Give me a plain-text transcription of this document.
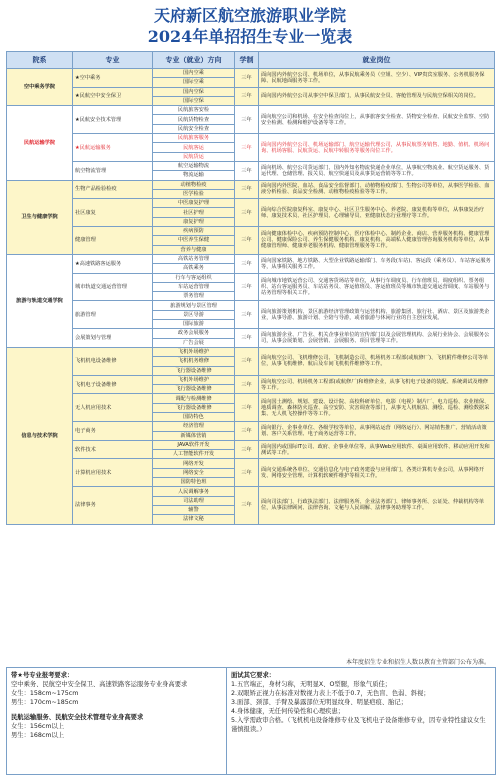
天府新区航空旅游职业学院
2024年单招招生专业一览表
院系	专业	专业（就业）方向	学制	就业岗位
空中乘务学院	★空中乘务	国内空乘	三年	面向国内外航空公司、机场单位，从事民航乘务员（空姐、空少）、VIP贵宾室服务、公务机服务保障、民航地面服务等工作。
		国际空乘		
	★民航空中安全保卫	国内空保	三年	面向国内外航空公司从事空中保卫部门，从事民航安全员、客舱管理及与民航空保相关的岗位。
		国际空保		
民航运输学院	★民航安全技术管理	民航旅客安检	三年	面向航空公司和机场、在安全检查岗位上，从事旅客安全检查、货物安全检查、民航安全监察、空防安全检测、检测和维护设备等等工作。
		民航货物检查		
		民航安全检查		
	★民航运输服务	民航旅客服务	三年	面向国内外航空公司、机场运输部门、航空运输代理公司，从事民航票务销售、地勤、值机、机场问询、机场客服、民航货运、民航中转服务等服务岗位工作。
		民航客运		
		民航货运		
	航空物流管理	航空运输物流	三年	面向机场、航空公司货运部门、国内外知名物流快递企业单位，从事航空物流业、航空货运服务、货运代理、仓储管理、报关员、航空快递员及从事货运营销等等工作。
		物流运输		
卫生与健康学院	生物产品检验检疫	动植物检疫	三年	面向国内外医院、血站、食品安全监督部门、动植物检疫部门、生物公司等单位，从事医学检验、血液分析检验、食品安全检测、动植物检疫检验等等工作。
		医学检验		
	社区康复	中医康复护理	三年	面向综合医院康复科室、康复中心、社区卫生服务中心、养老院、康复机构等单位，从事康复治疗师、康复技术员、社区护理员、心理辅导员、亚健康状态行业理疗等工作。
		社区护理		
		康复护理		
	健康管理	疾病预防	三年	面向健康体检中心、疾病预防控制中心、医疗体检中心、制药企业、商店、营养服务机构、健康管理公司、健康保险公司、养生保健服务机构、康复机构、高端私人健康管理咨询服务机构等单位，从事健康管理师、健康养老服务机构、健康管理服务等工作。
		中医养生保健		
		营养与健康		
旅游与轨道交通学院	★高速铁路客运服务	高铁站务管理	三年	面向国家铁路、地方铁路、大型企业铁路运输部门、车务段(车站)、客运段（乘务员）、车站客运服务等，从事相关服务工作。
		高铁乘务		
	城市轨道交通运营管理	行车与客运组织	三年	面向城市地铁运营公司、交通客货场站等单位，从事行车调度员、行车值班员、调度组织、票务组织、站台客运服务员、车站站务员、客运值班员、客运值班员等城市轨道交通运营调度、车站服务与站务管理等相关工作。
		车站运营管理		
		票务管理		
	旅游管理	旅游规划与景区管理	三年	面向旅游策划机构、景区旅游经济管理政策与运营机构、旅游集团、旅行社、酒店、景区及旅游类企业，从事导游、旅游计划、全陪与导游，或者旅游与休闲行业的自主创业发展。
		景区导游		
		国际旅游		
	会展策划与管理	政务会展服务	三年	面向旅游企业、广告业、机关企事业单位的宣传部门以及会展管理机构、会展行业协会、会展服务公司，从事会展策划、会展营销、会展服务、项目管理等工作。
		广告会展		
信息与技术学院	飞机机电设备维修	飞机外场维护	三年	面向航空公司、飞机维修公司、飞机制造公司、机场机务工程部(或航修厂)、飞机附件维修公司等单位，从事飞机维修、航后及车间飞机机件维修等工作。
		飞机机务维修		
		飞行器设备维修		
	飞机电子设备维修	飞机外场维护	三年	面向航空公司、机场机务工程部(或航修厂)和维修企业，从事飞机电子设备的装配、系统调试及维修等工作。
		飞行器设备维修		
	无人机应用技术	调配与检测维修	三年	面向国土测绘、规划、建设、设计院、高校科研单位、电影（电视）制片厂、电力巡检、农业植保、地质调查、森林防火巡查、高空安防、灾害调查等部门，从事无人机航拍、测绘、巡检、测绘数据采集、无人机飞控操作等等工作。
		飞行器设备维修		
		国防特色		
	电子商务	经济管理	三年	面向银行、企事业单位、各级学校等单位，从事网站运营（网络运行）、网站销售推广、营销活动策划、客户关系管理、电子商务运营等工作。
		新媒体营销		
	软件技术	JAVA软件开发	三年	面向国内或国际IT公司、政府、企事业单位等，从事Web应用软件、桌面应用软件、移动应用开发和测试等工作。
		人工智能软件开发		
	计算机应用技术	网络开发	三年	面向交通系统各单位、交通信息化与电子政务建设与应用部门，各类计算机专业公司，从事网络开发、网络安全管理、计算机软硬件维护等相关工作。
		网络安全		
		国防特色班		
	法律事务	人民调解事务	三年	面向司法部门、行政执法部门、法律服务所、企业法务部门、律师事务所、公证处、仲裁机构等单位，从事法律顾问、法律咨询、文秘与人民调解、法律事务助理等工作。
		司法助理		
		辅警		
		法律文秘		
本年度招生专业和招生人数以教育主管部门公布为准。
带★号专业报考要求：
空中乘务、民航空中安全保卫、高速铁路客运服务专业身高要求
女生：158cm~175cm
男生：170cm~185cm
民航运输服务、民航安全技术管理专业身高要求
女生：156cm以上
男生：168cm以上
面试其它要求：
1.五官端正，身材匀称，无明显X、O型腿，形象气质佳；
2.双眼矫正视力在标准对数视力表上不低于0.7，无色盲、色弱、斜视；
3.面部、颈部、手臂及暴露部位无明显纹身、明显疤痕、胎记；
4.身体健康，无任何传染性和心理疾患；
5.入学需政审合格。（飞机机电设备维修专业及飞机电子设备维修专业，因专业特性建议女生谨慎报读。）
